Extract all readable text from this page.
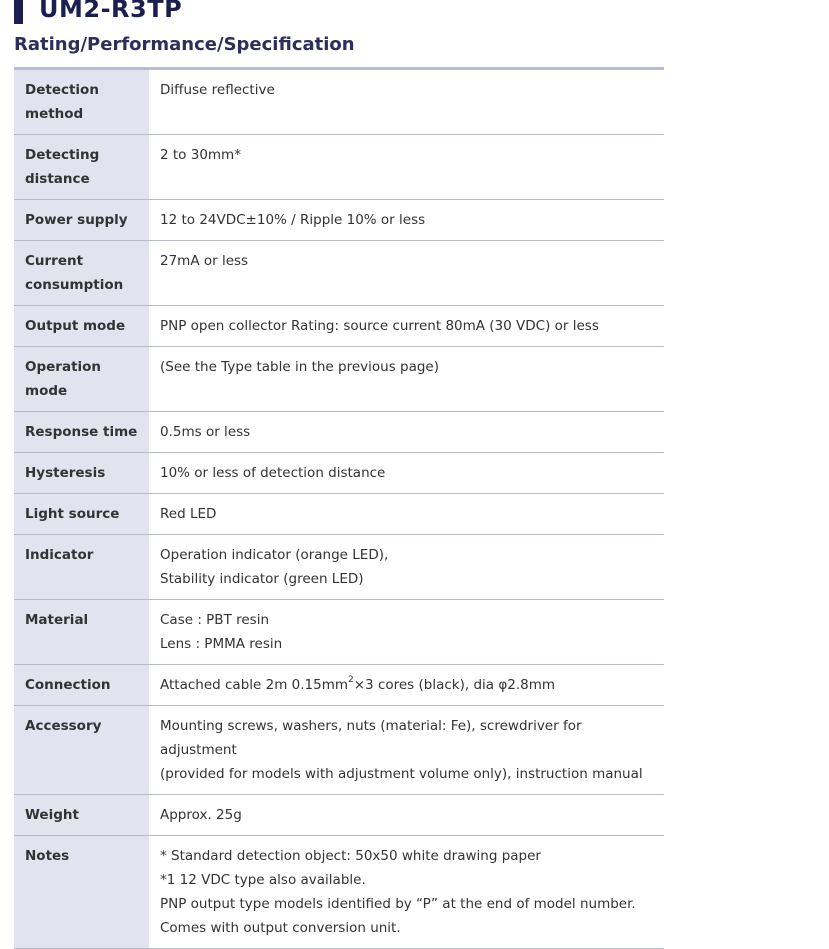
UM2-R3TP
Rating/Performance/Specification
Detection
method	Diffuse reflective

Detecting
distance	2 to 30mm*

Power supply	12 to 24VDC±10% / Ripple 10% or less

Current
consumption	27mA or less

Output mode	PNP open collector Rating: source current 80mA (30 VDC) or less

Operation mode	(See the Type table in the previous page)

Response time	0.5ms or less

Hysteresis	10% or less of detection distance

Light source	Red LED

Indicator	Operation indicator (orange LED),
Stability indicator (green LED)

Material	Case : PBT resin
Lens : PMMA resin

Connection	Attached cable 2m $0.15mm^2\times 3$ cores (black), dia φ2.8mm

Accessory	Mounting screws, washers, nuts (material: Fe), screwdriver for adjustment
(provided for models with adjustment volume only), instruction manual

Weight	Approx. 25g

Notes	* Standard detection object: 50x50 white drawing paper
*1 12 VDC type also available.
PNP output type models identified by “P” at the end of model number.
Comes with output conversion unit.
